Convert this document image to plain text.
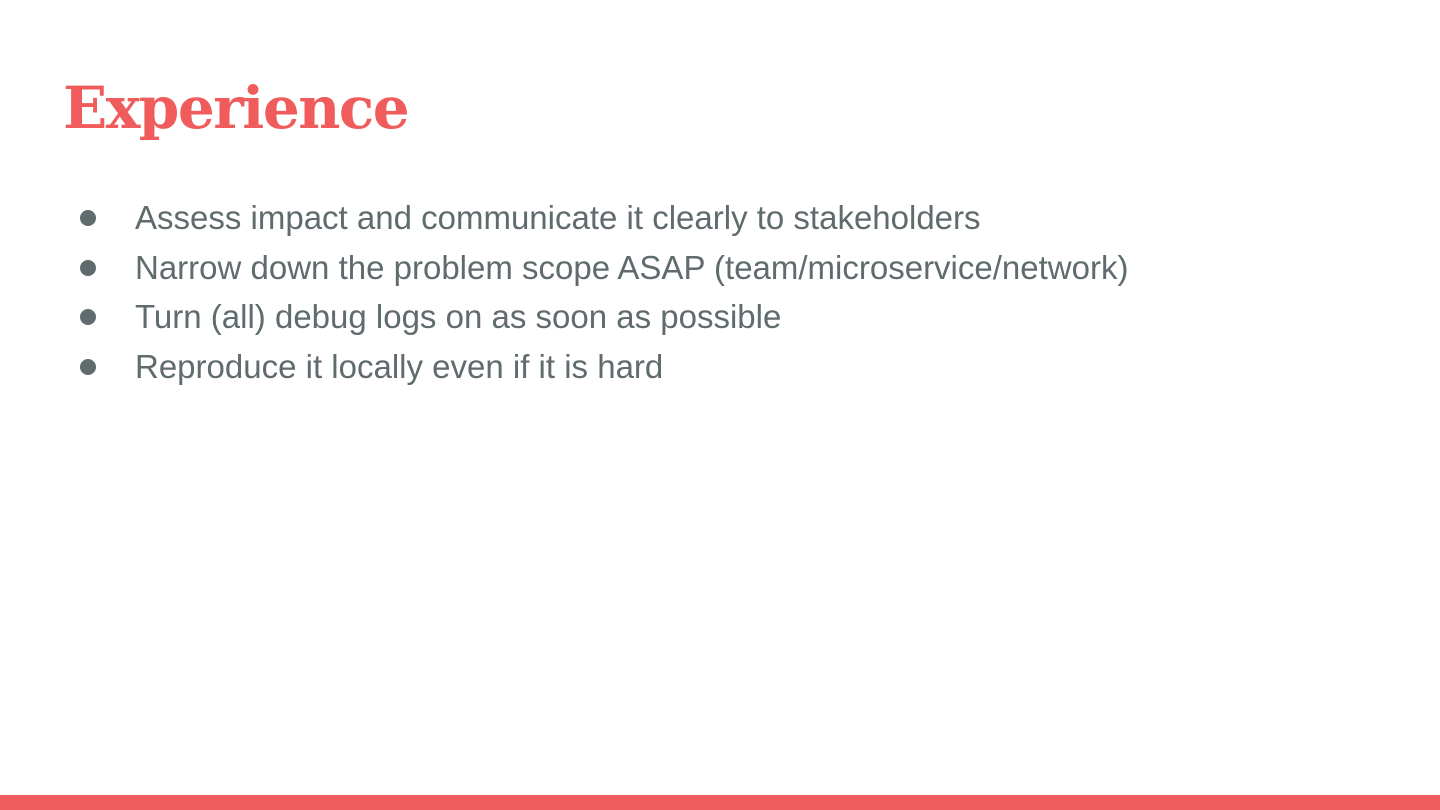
Experience
Assess impact and communicate it clearly to stakeholders
Narrow down the problem scope ASAP (team/microservice/network)
Turn (all) debug logs on as soon as possible
Reproduce it locally even if it is hard
